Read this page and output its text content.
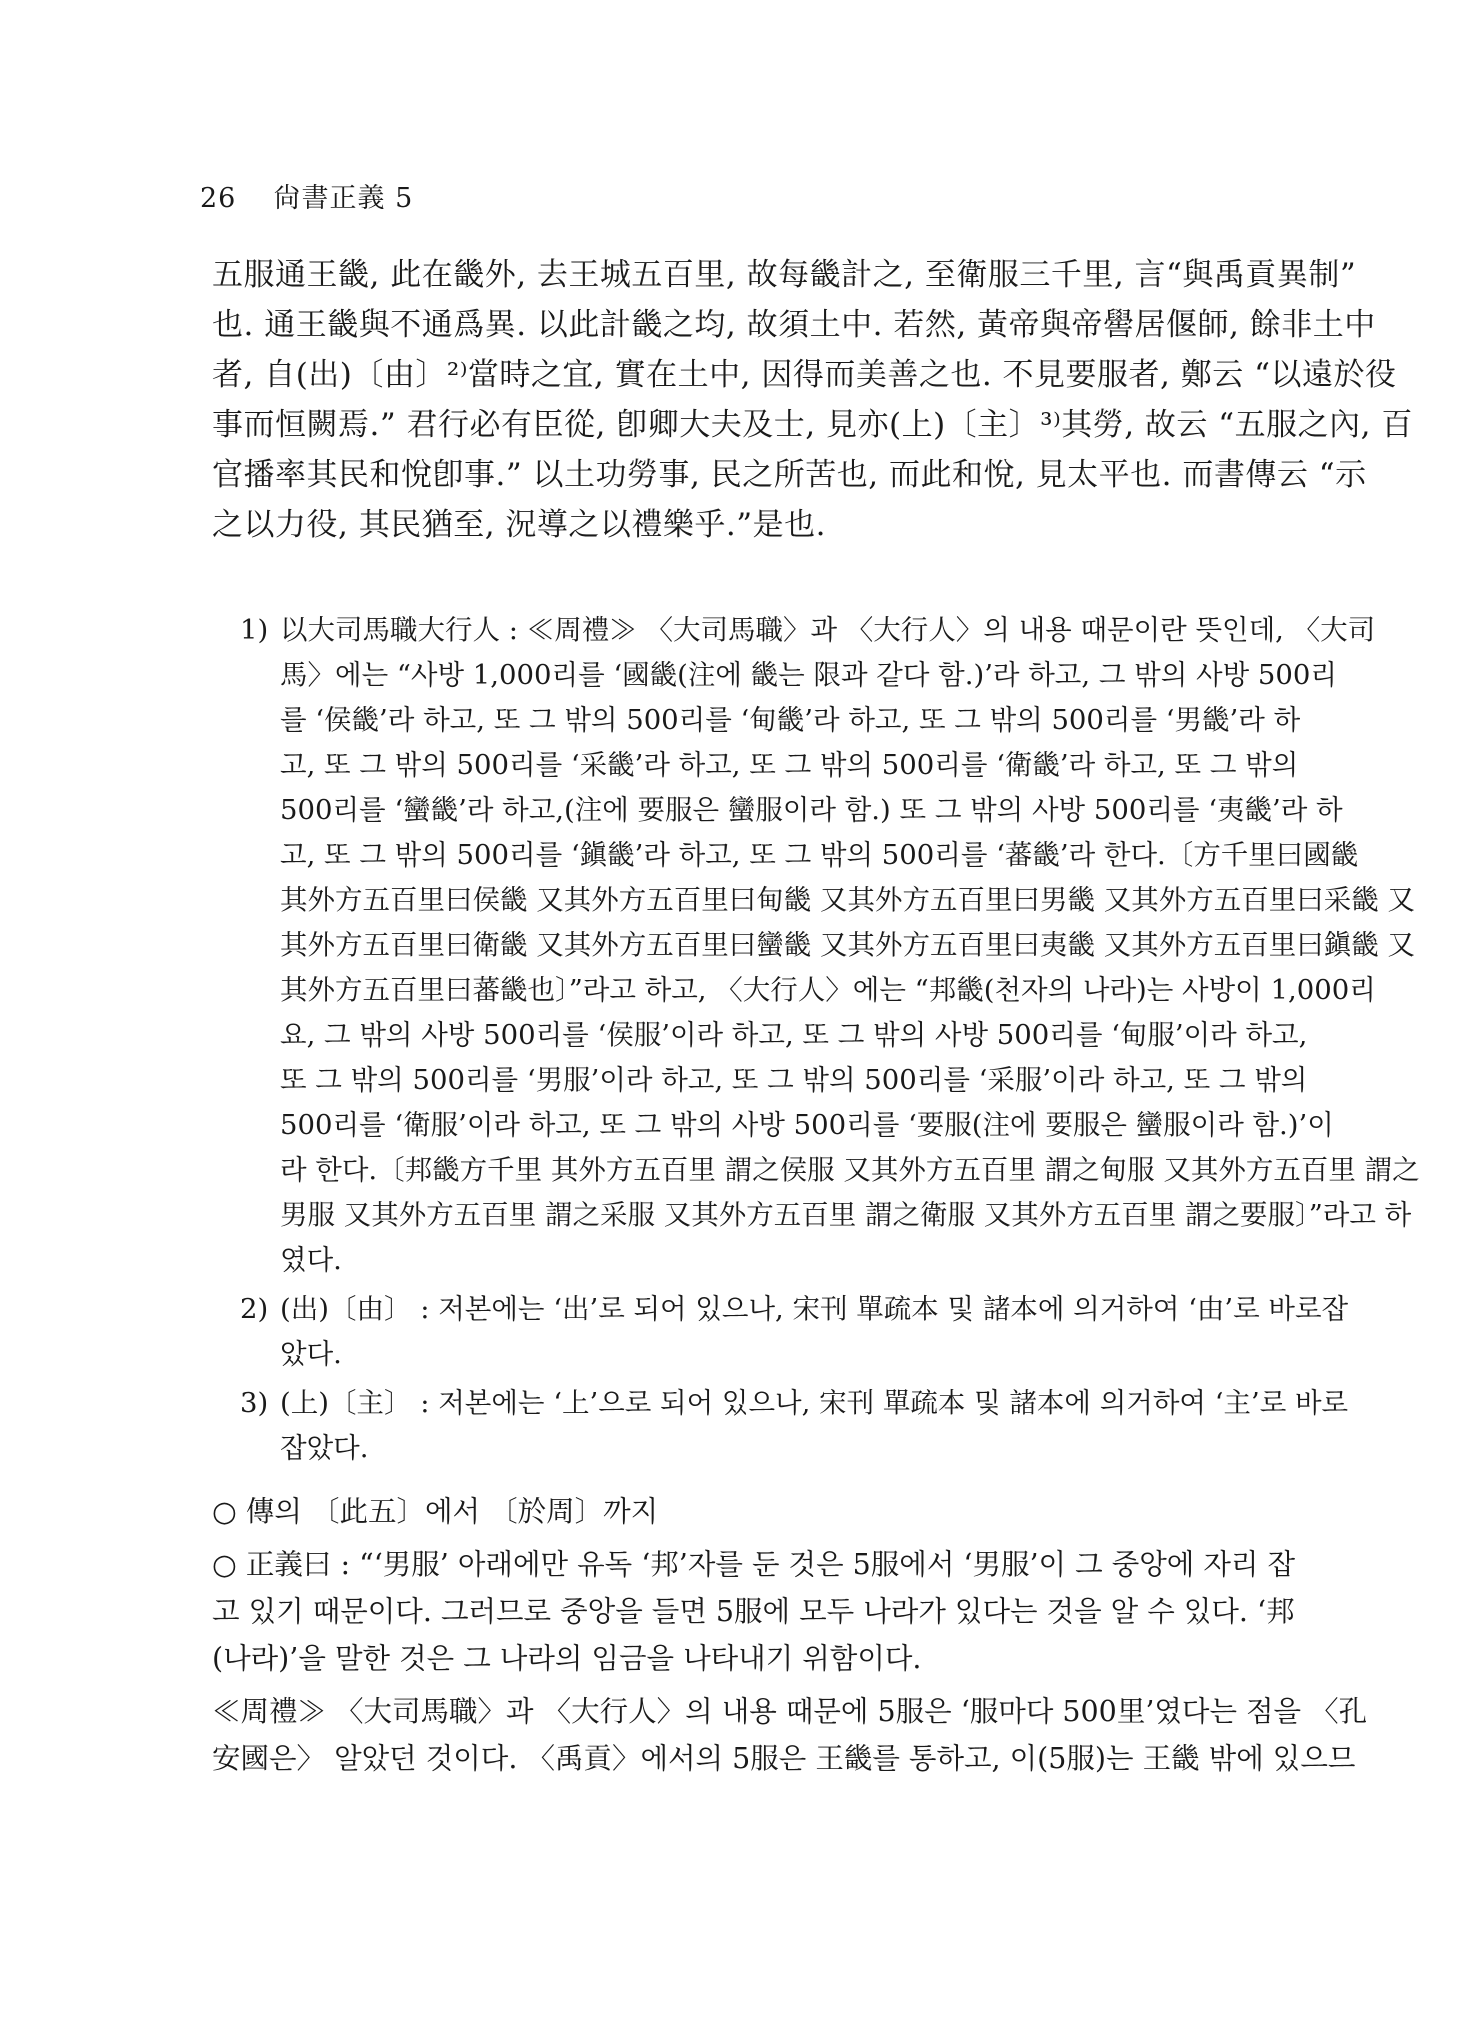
26 尙書正義 5
五服通王畿, 此在畿外, 去王城五百里, 故每畿計之, 至衛服三千里, 言“與禹貢異制”
也. 通王畿與不通爲異. 以此計畿之均, 故須土中. 若然, 黃帝與帝嚳居偃師, 餘非土中
者, 自(出)〔由〕²⁾當時之宜, 實在土中, 因得而美善之也. 不見要服者, 鄭云 “以遠於役
事而恒闕焉.” 君行必有臣從, 卽卿大夫及士, 見亦(上)〔主〕³⁾其勞, 故云 “五服之內, 百
官播率其民和悅卽事.” 以土功勞事, 民之所苦也, 而此和悅, 見太平也. 而書傳云 “示
之以力役, 其民猶至, 況導之以禮樂乎.”是也.
1) 以大司馬職大行人 : ≪周禮≫ 〈大司馬職〉과 〈大行人〉의 내용 때문이란 뜻인데, 〈大司
馬〉에는 “사방 1,000리를 ‘國畿(注에 畿는 限과 같다 함.)’라 하고, 그 밖의 사방 500리
를 ‘侯畿’라 하고, 또 그 밖의 500리를 ‘甸畿’라 하고, 또 그 밖의 500리를 ‘男畿’라 하
고, 또 그 밖의 500리를 ‘采畿’라 하고, 또 그 밖의 500리를 ‘衛畿’라 하고, 또 그 밖의
500리를 ‘蠻畿’라 하고,(注에 要服은 蠻服이라 함.) 또 그 밖의 사방 500리를 ‘夷畿’라 하
고, 또 그 밖의 500리를 ‘鎭畿’라 하고, 또 그 밖의 500리를 ‘蕃畿’라 한다.〔方千里曰國畿
其外方五百里曰侯畿 又其外方五百里曰甸畿 又其外方五百里曰男畿 又其外方五百里曰采畿 又
其外方五百里曰衛畿 又其外方五百里曰蠻畿 又其外方五百里曰夷畿 又其外方五百里曰鎭畿 又
其外方五百里曰蕃畿也〕”라고 하고, 〈大行人〉에는 “邦畿(천자의 나라)는 사방이 1,000리
요, 그 밖의 사방 500리를 ‘侯服’이라 하고, 또 그 밖의 사방 500리를 ‘甸服’이라 하고,
또 그 밖의 500리를 ‘男服’이라 하고, 또 그 밖의 500리를 ‘采服’이라 하고, 또 그 밖의
500리를 ‘衛服’이라 하고, 또 그 밖의 사방 500리를 ‘要服(注에 要服은 蠻服이라 함.)’이
라 한다.〔邦畿方千里 其外方五百里 謂之侯服 又其外方五百里 謂之甸服 又其外方五百里 謂之
男服 又其外方五百里 謂之采服 又其外方五百里 謂之衛服 又其外方五百里 謂之要服〕”라고 하
였다.
2) (出)〔由〕 : 저본에는 ‘出’로 되어 있으나, 宋刊 單疏本 및 諸本에 의거하여 ‘由’로 바로잡
았다.
3) (上)〔主〕 : 저본에는 ‘上’으로 되어 있으나, 宋刊 單疏本 및 諸本에 의거하여 ‘主’로 바로
잡았다.
○ 傳의 〔此五〕에서 〔於周〕까지
○ 正義曰 : “‘男服’ 아래에만 유독 ‘邦’자를 둔 것은 5服에서 ‘男服’이 그 중앙에 자리 잡
고 있기 때문이다. 그러므로 중앙을 들면 5服에 모두 나라가 있다는 것을 알 수 있다. ‘邦
(나라)’을 말한 것은 그 나라의 임금을 나타내기 위함이다.
≪周禮≫ 〈大司馬職〉과 〈大行人〉의 내용 때문에 5服은 ‘服마다 500里’였다는 점을 〈孔
安國은〉 알았던 것이다. 〈禹貢〉에서의 5服은 王畿를 통하고, 이(5服)는 王畿 밖에 있으므
